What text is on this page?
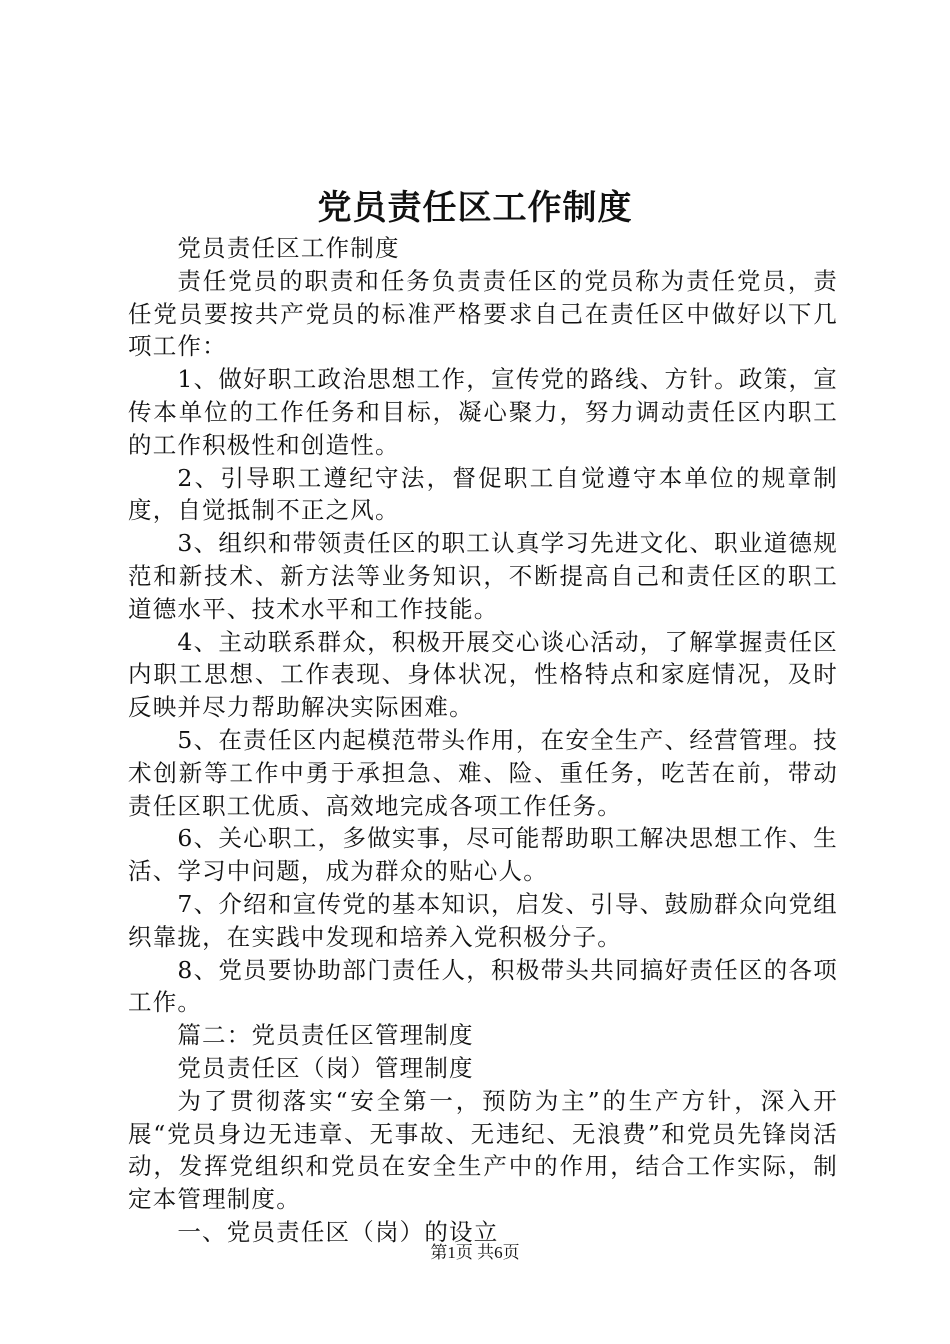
党员责任区工作制度

党员责任区工作制度

责任党员的职责和任务负责责任区的党员称为责任党员，责任党员要按共产党员的标准严格要求自己在责任区中做好以下几项工作：

1、做好职工政治思想工作，宣传党的路线、方针。政策，宣传本单位的工作任务和目标，凝心聚力，努力调动责任区内职工的工作积极性和创造性。

2、引导职工遵纪守法，督促职工自觉遵守本单位的规章制度，自觉抵制不正之风。

3、组织和带领责任区的职工认真学习先进文化、职业道德规范和新技术、新方法等业务知识，不断提高自己和责任区的职工道德水平、技术水平和工作技能。

4、主动联系群众，积极开展交心谈心活动，了解掌握责任区内职工思想、工作表现、身体状况，性格特点和家庭情况，及时反映并尽力帮助解决实际困难。

5、在责任区内起模范带头作用，在安全生产、经营管理。技术创新等工作中勇于承担急、难、险、重任务，吃苦在前，带动责任区职工优质、高效地完成各项工作任务。

6、关心职工，多做实事，尽可能帮助职工解决思想工作、生活、学习中问题，成为群众的贴心人。

7、介绍和宣传党的基本知识，启发、引导、鼓励群众向党组织靠拢，在实践中发现和培养入党积极分子。

8、党员要协助部门责任人，积极带头共同搞好责任区的各项工作。

篇二：党员责任区管理制度

党员责任区（岗）管理制度

为了贯彻落实“安全第一，预防为主”的生产方针，深入开展“党员身边无违章、无事故、无违纪、无浪费”和党员先锋岗活动，发挥党组织和党员在安全生产中的作用，结合工作实际，制定本管理制度。

一、党员责任区（岗）的设立

第1页 共6页
